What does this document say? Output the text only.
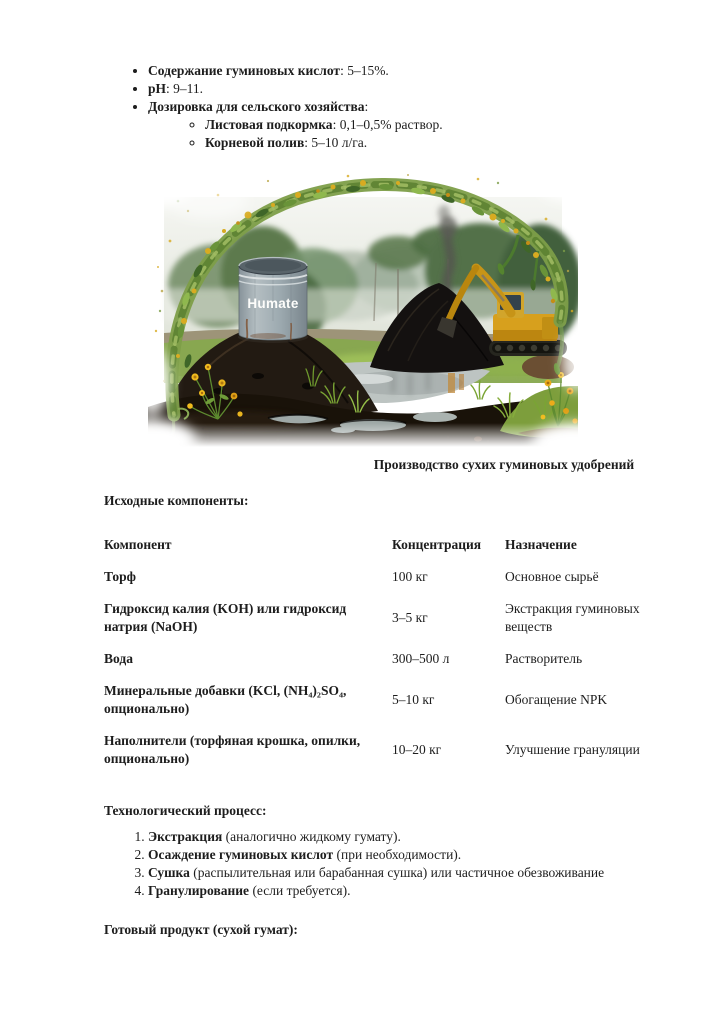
• Содержание гуминовых кислот: 5–15%.
• pH: 9–11.
• Дозировка для сельского хозяйства:
◦ Листовая подкормка: 0,1–0,5% раствор.
◦ Корневой полив: 5–10 л/га.
Humate
Производство сухих гуминовых удобрений
Исходные компоненты:
Компонент	Концентрация	Назначение
Торф	100 кг	Основное сырьё
Гидроксид калия (KOH) или гидроксид натрия (NaOH)	3–5 кг	Экстракция гуминовых веществ
Вода	300–500 л	Растворитель
Минеральные добавки (KCl, (NH₄)₂SO₄, опционально)	5–10 кг	Обогащение NPK
Наполнители (торфяная крошка, опилки, опционально)	10–20 кг	Улучшение грануляции
Технологический процесс:
1. Экстракция (аналогично жидкому гумату).
2. Осаждение гуминовых кислот (при необходимости).
3. Сушка (распылительная или барабанная сушка) или частичное обезвоживание
4. Гранулирование (если требуется).
Готовый продукт (сухой гумат):
